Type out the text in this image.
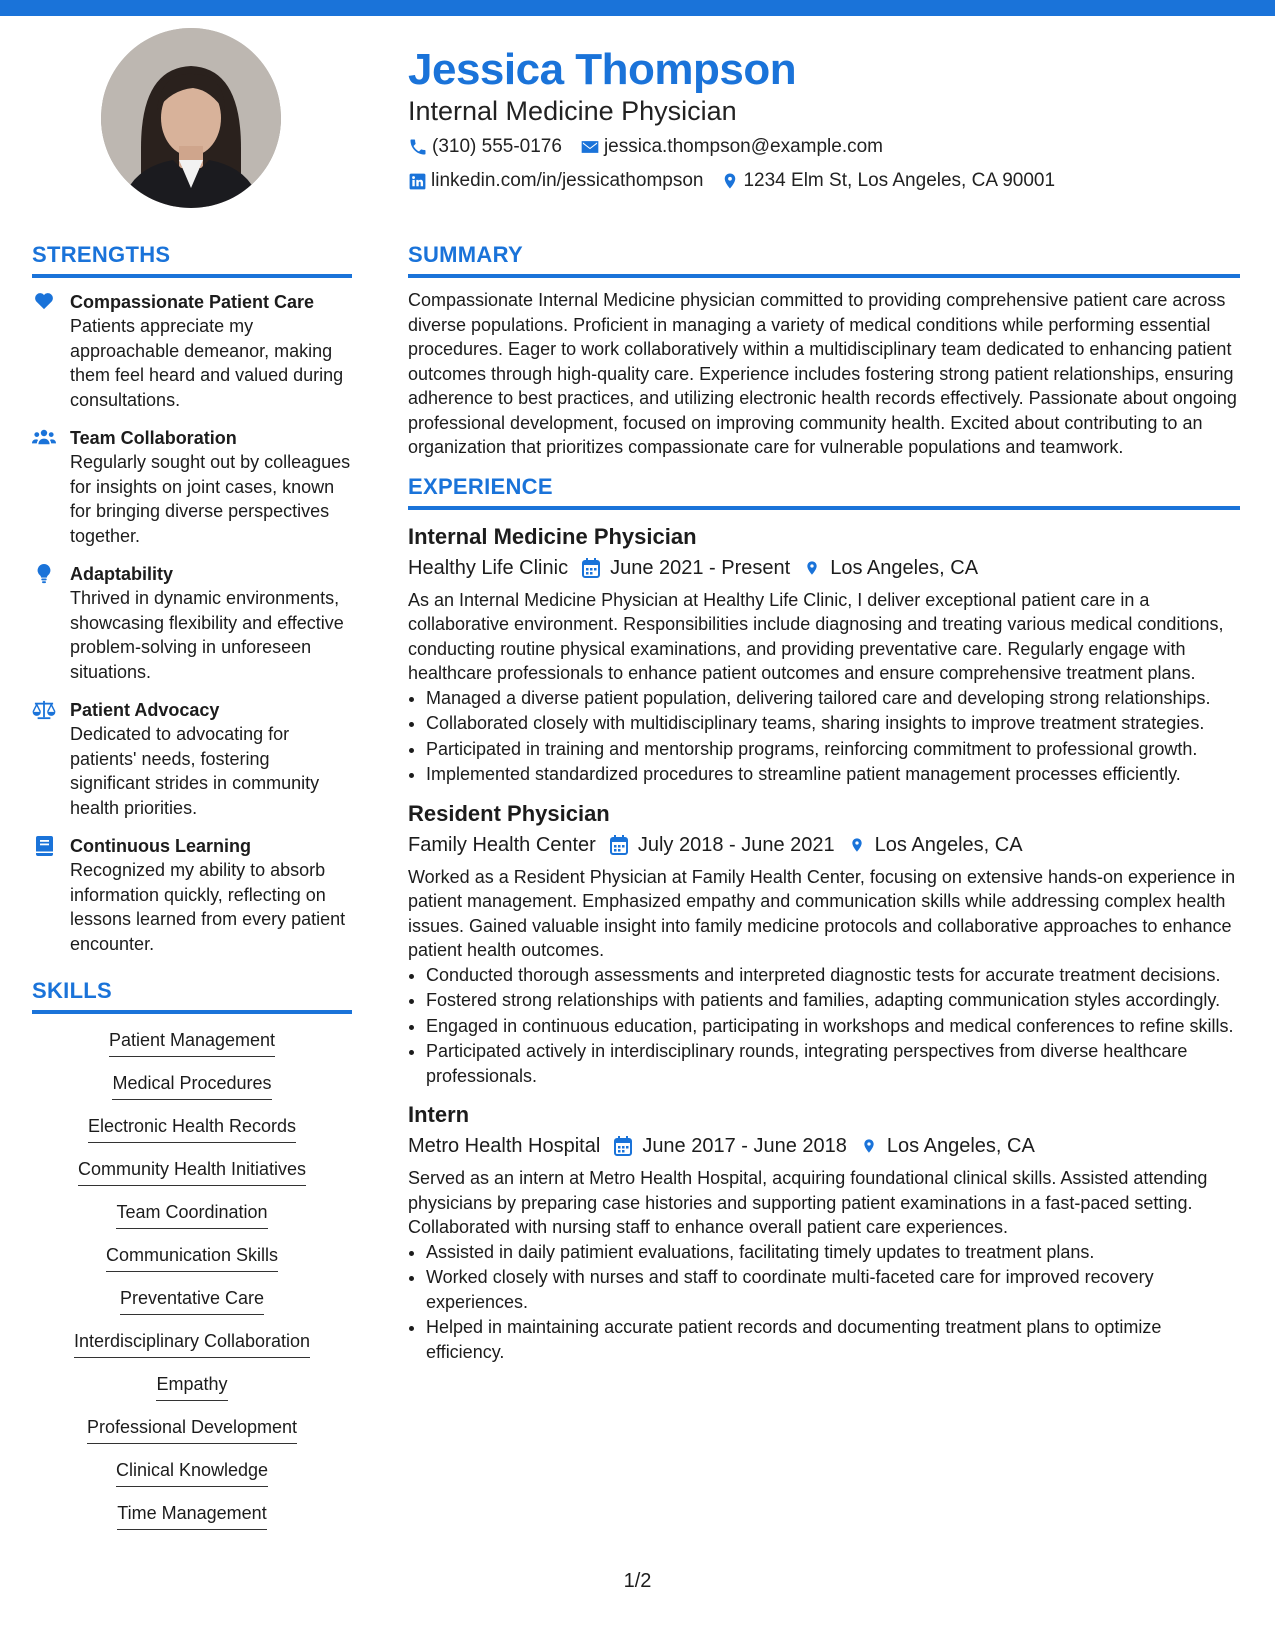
Jessica Thompson
Internal Medicine Physician
(310) 555-0176 jessica.thompson@example.com
linkedin.com/in/jessicathompson 1234 Elm St, Los Angeles, CA 90001
STRENGTHS
Compassionate Patient Care
Patients appreciate my approachable demeanor, making them feel heard and valued during consultations.
Team Collaboration
Regularly sought out by colleagues for insights on joint cases, known for bringing diverse perspectives together.
Adaptability
Thrived in dynamic environments, showcasing flexibility and effective problem-solving in unforeseen situations.
Patient Advocacy
Dedicated to advocating for patients' needs, fostering significant strides in community health priorities.
Continuous Learning
Recognized my ability to absorb information quickly, reflecting on lessons learned from every patient encounter.
SKILLS
Patient Management
Medical Procedures
Electronic Health Records
Community Health Initiatives
Team Coordination
Communication Skills
Preventative Care
Interdisciplinary Collaboration
Empathy
Professional Development
Clinical Knowledge
Time Management
SUMMARY

Compassionate Internal Medicine physician committed to providing comprehensive patient care across diverse populations. Proficient in managing a variety of medical conditions while performing essential procedures. Eager to work collaboratively within a multidisciplinary team dedicated to enhancing patient outcomes through high-quality care. Experience includes fostering strong patient relationships, ensuring adherence to best practices, and utilizing electronic health records effectively. Passionate about ongoing professional development, focused on improving community health. Excited about contributing to an organization that prioritizes compassionate care for vulnerable populations and teamwork.

EXPERIENCE
Internal Medicine Physician
Healthy Life Clinic June 2021 - Present Los Angeles, CA
As an Internal Medicine Physician at Healthy Life Clinic, I deliver exceptional patient care in a collaborative environment. Responsibilities include diagnosing and treating various medical conditions, conducting routine physical examinations, and providing preventative care. Regularly engage with healthcare professionals to enhance patient outcomes and ensure comprehensive treatment plans.
• Managed a diverse patient population, delivering tailored care and developing strong relationships.
• Collaborated closely with multidisciplinary teams, sharing insights to improve treatment strategies.
• Participated in training and mentorship programs, reinforcing commitment to professional growth.
• Implemented standardized procedures to streamline patient management processes efficiently.
Resident Physician
Family Health Center July 2018 - June 2021 Los Angeles, CA
Worked as a Resident Physician at Family Health Center, focusing on extensive hands-on experience in patient management. Emphasized empathy and communication skills while addressing complex health issues. Gained valuable insight into family medicine protocols and collaborative approaches to enhance patient health outcomes.
• Conducted thorough assessments and interpreted diagnostic tests for accurate treatment decisions.
• Fostered strong relationships with patients and families, adapting communication styles accordingly.
• Engaged in continuous education, participating in workshops and medical conferences to refine skills.
• Participated actively in interdisciplinary rounds, integrating perspectives from diverse healthcare professionals.
Intern
Metro Health Hospital June 2017 - June 2018 Los Angeles, CA
Served as an intern at Metro Health Hospital, acquiring foundational clinical skills. Assisted attending physicians by preparing case histories and supporting patient examinations in a fast-paced setting. Collaborated with nursing staff to enhance overall patient care experiences.
• Assisted in daily patimient evaluations, facilitating timely updates to treatment plans.
• Worked closely with nurses and staff to coordinate multi-faceted care for improved recovery experiences.
• Helped in maintaining accurate patient records and documenting treatment plans to optimize efficiency.
1/2
